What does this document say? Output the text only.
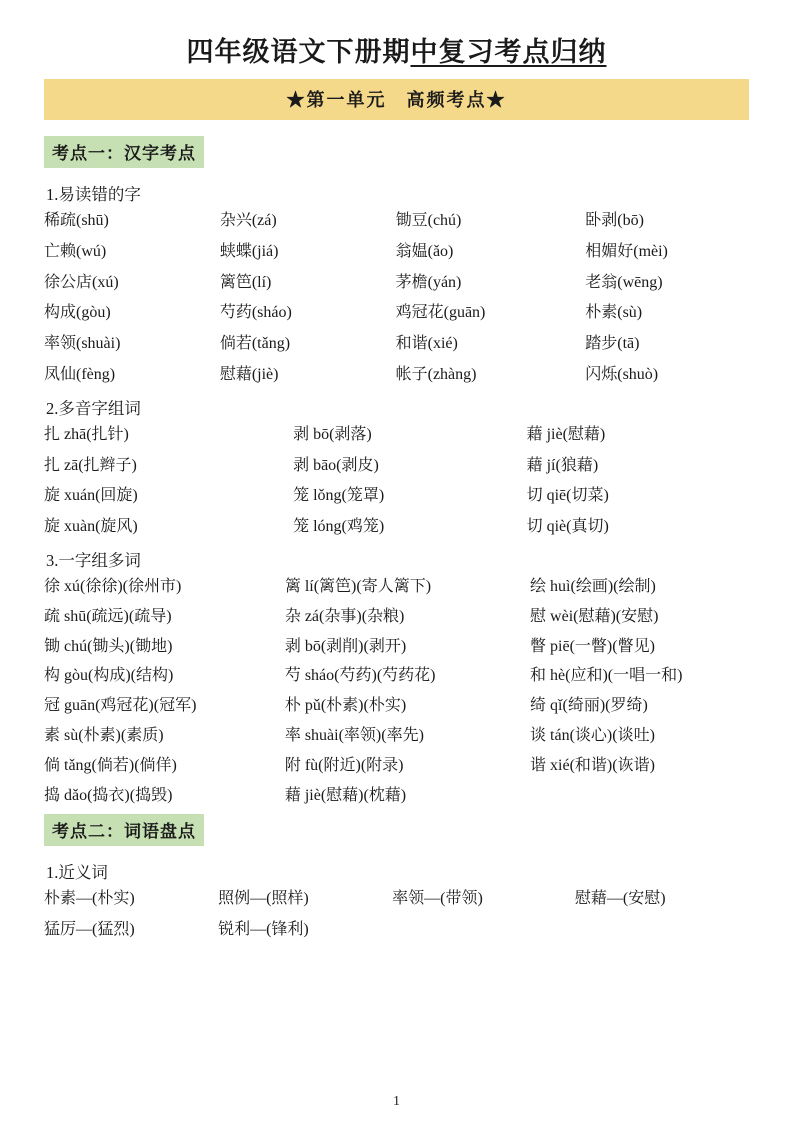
四年级语文下册期中复习考点归纳
★第一单元　高频考点★
考点一：汉字考点
1.易读错的字
稀疏(shū)	杂兴(zá)	锄豆(chú)	卧剥(bō)
亡赖(wú)	蛱蝶(jiá)	翁媪(ǎo)	相媚好(mèi)
徐公店(xú)	篱笆(lí)	茅檐(yán)	老翁(wēng)
构成(gòu)	芍药(sháo)	鸡冠花(guān)	朴素(sù)
率领(shuài)	倘若(tǎng)	和谐(xié)	踏步(tā)
凤仙(fèng)	慰藉(jiè)	帐子(zhàng)	闪烁(shuò)
2.多音字组词
扎 zhā(扎针)	剥 bō(剥落)	藉 jiè(慰藉)
扎 zā(扎辫子)	剥 bāo(剥皮)	藉 jí(狼藉)
旋 xuán(回旋)	笼 lǒng(笼罩)	切 qiē(切菜)
旋 xuàn(旋风)	笼 lóng(鸡笼)	切 qiè(真切)
3.一字组多词
徐 xú(徐徐)(徐州市)	篱 lí(篱笆)(寄人篱下)	绘 huì(绘画)(绘制)
疏 shū(疏远)(疏导)	杂 zá(杂事)(杂粮)	慰 wèi(慰藉)(安慰)
锄 chú(锄头)(锄地)	剥 bō(剥削)(剥开)	瞥 piē(一瞥)(瞥见)
构 gòu(构成)(结构)	芍 sháo(芍药)(芍药花)	和 hè(应和)(一唱一和)
冠 guān(鸡冠花)(冠军)	朴 pǔ(朴素)(朴实)	绮 qǐ(绮丽)(罗绮)
素 sù(朴素)(素质)	率 shuài(率领)(率先)	谈 tán(谈心)(谈吐)
倘 tǎng(倘若)(倘佯)	附 fù(附近)(附录)	谐 xié(和谐)(诙谐)
捣 dǎo(捣衣)(捣毁)	藉 jiè(慰藉)(枕藉)
考点二：词语盘点
1.近义词
朴素—(朴实)	照例—(照样)	率领—(带领)	慰藉—(安慰)
猛厉—(猛烈)	锐利—(锋利)
1
